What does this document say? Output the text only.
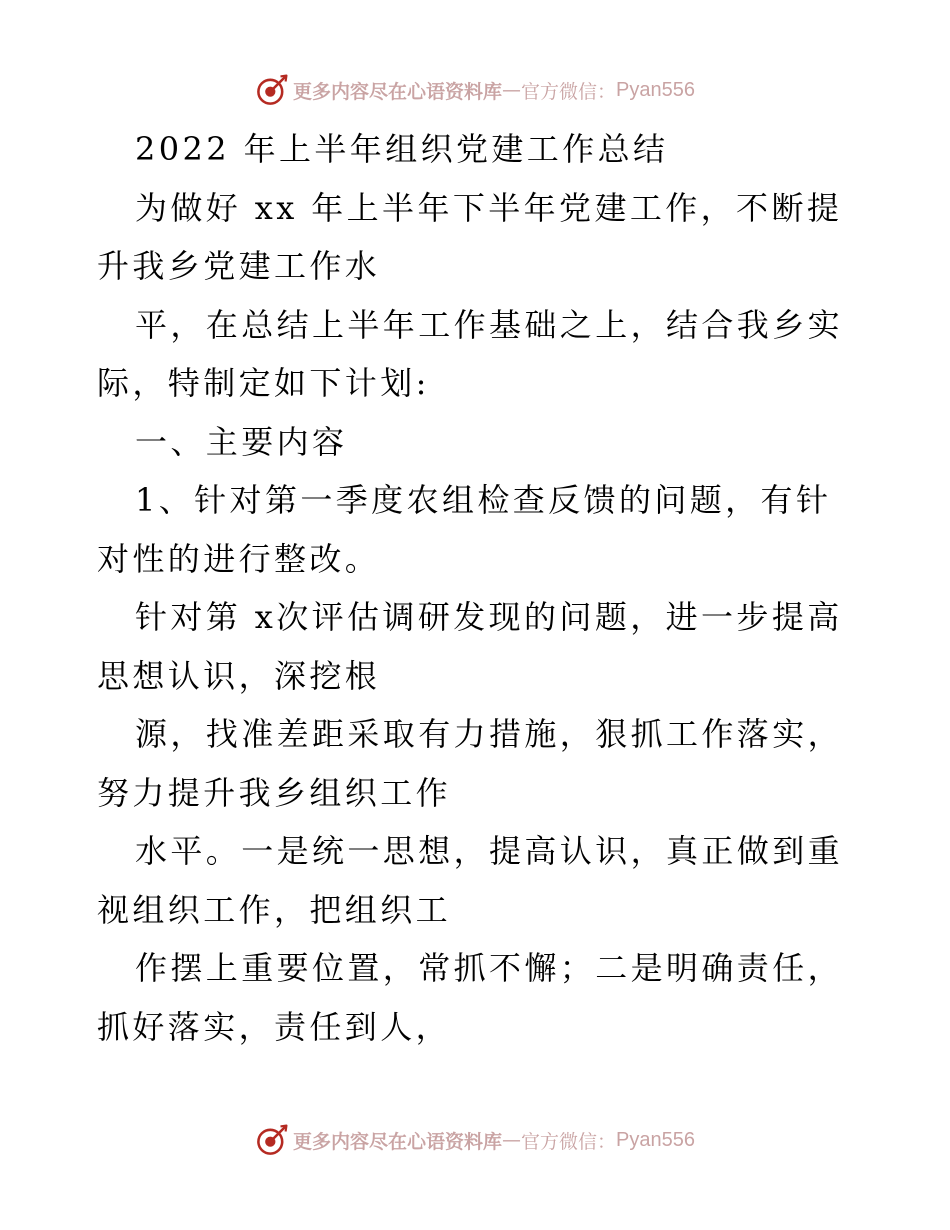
更多内容尽在心语资料库 — 官方微信： Pyan556

2022 年上半年组织党建工作总结

为做好 xx 年上半年下半年党建工作，不断提升我乡党建工作水

平，在总结上半年工作基础之上，结合我乡实际，特制定如下计划:

一、主要内容

1、针对第一季度农组检查反馈的问题，有针对性的进行整改。

针对第 x次评估调研发现的问题，进一步提高思想认识，深挖根

源，找准差距采取有力措施，狠抓工作落实，努力提升我乡组织工作

水平。一是统一思想，提高认识，真正做到重视组织工作，把组织工

作摆上重要位置，常抓不懈；二是明确责任，抓好落实，责任到人，

更多内容尽在心语资料库 — 官方微信： Pyan556
